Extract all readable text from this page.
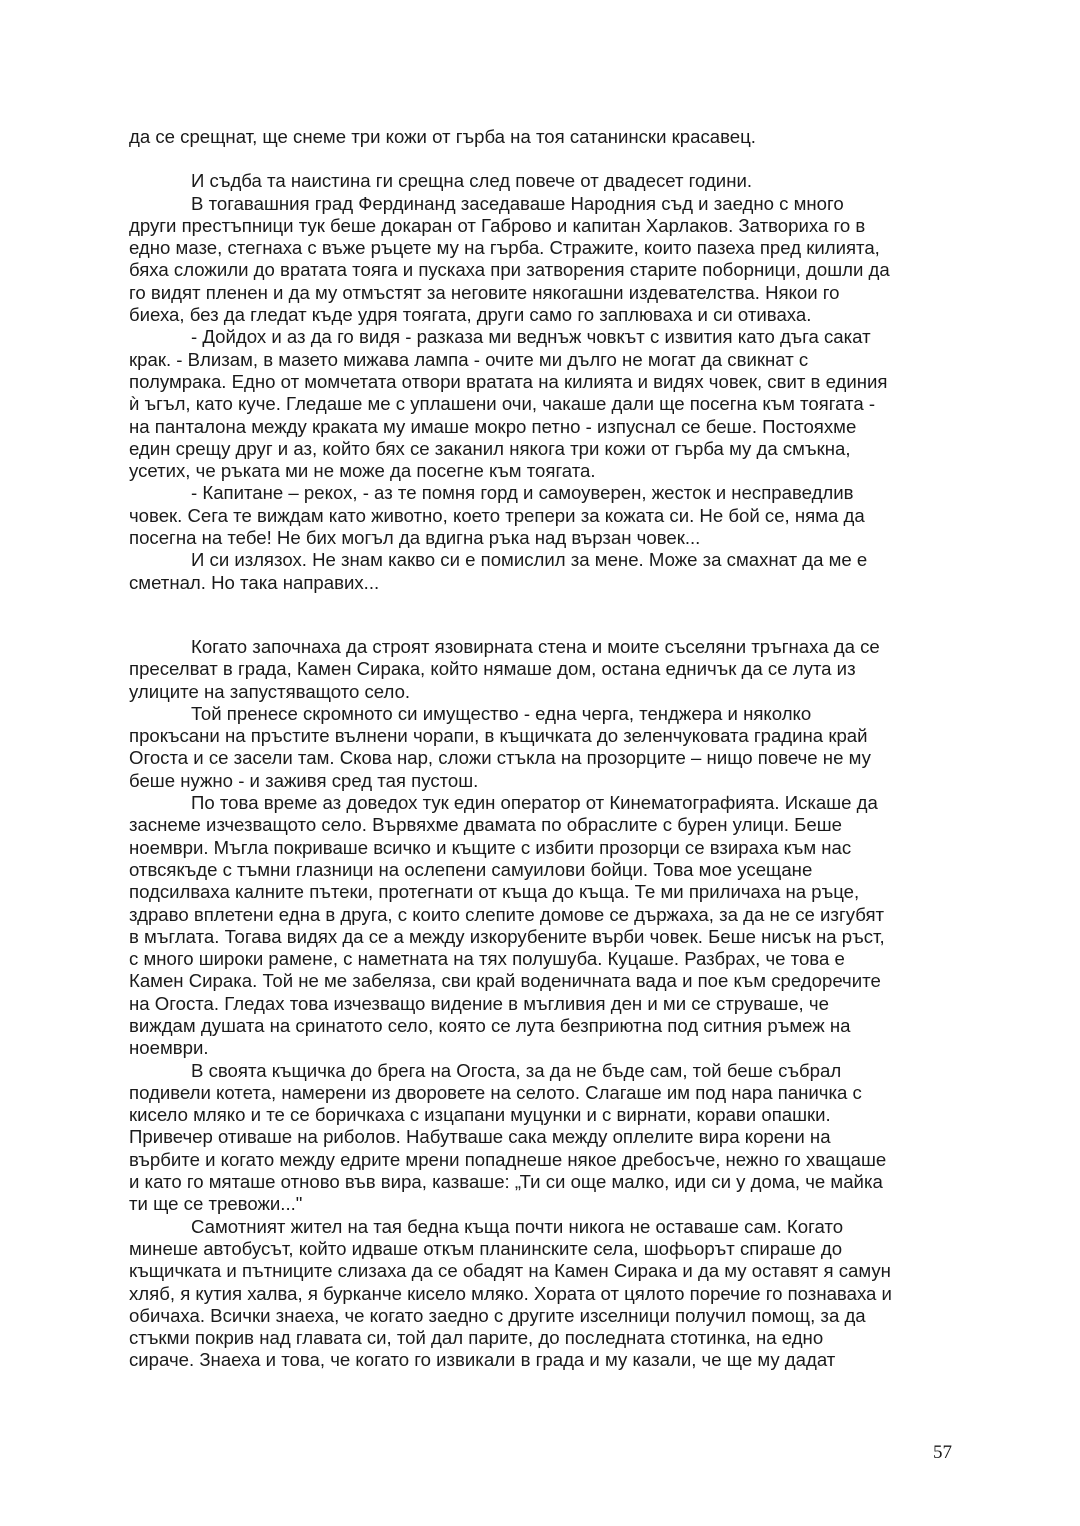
да се срещнат, ще снеме три кожи от гърба на тоя сатанински красавец.
И съдба та наистина ги срещна след повече от двадесет години.
В тогавашния град Фердинанд заседаваше Народния съд и заедно с много
други престъпници тук беше докаран от Габрово и капитан Харлаков. Затвориха го в
едно мазе, стегнаха с въже ръцете му на гърба. Стражите, които пазеха пред килията,
бяха сложили до вратата тояга и пускаха при затворения старите поборници, дошли да
го видят пленен и да му отмъстят за неговите някогашни издевателства. Някои го
биеха, без да гледат къде удря тоягата, други само го заплюваха и си отиваха.
- Дойдох и аз да го видя - разказа ми веднъж човкът с извития като дъга сакат
крак. - Влизам, в мазето мижава лампа - очите ми дълго не могат да свикнат с
полумрака. Едно от момчетата отвори вратата на килията и видях човек, свит в единия
ѝ ъгъл, като куче. Гледаше ме с уплашени очи, чакаше дали ще посегна към тоягата -
на панталона между краката му имаше мокро петно - изпуснал се беше. Постояхме
един срещу друг и аз, който бях се заканил някога три кожи от гърба му да смъкна,
усетих, че ръката ми не може да посегне към тоягата.
- Капитане – рекох, - аз те помня горд и самоуверен, жесток и несправедлив
човек. Сега те виждам като животно, което трепери за кожата си. Не бой се, няма да
посегна на тебе! Не бих могъл да вдигна ръка над вързан човек...
И си излязох. Не знам какво си е помислил за мене. Може за смахнат да ме е
сметнал. Но така направих...
Когато започнаха да строят язовирната стена и моите съселяни тръгнаха да се
преселват в града, Камен Сирака, който нямаше дом, остана едничък да се лута из
улиците на запустяващото село.
Той пренесе скромното си имущество - една черга, тенджера и няколко
прокъсани на пръстите вълнени чорапи, в къщичката до зеленчуковата градина край
Огоста и се засели там. Скова нар, сложи стъкла на прозорците – нищо повече не му
беше нужно - и заживя сред тая пустош.
По това време аз доведох тук един оператор от Кинематографията. Искаше да
заснеме изчезващото село. Вървяхме двамата по обраслите с бурен улици. Беше
ноември. Мъгла покриваше всичко и къщите с избити прозорци се взираха към нас
отвсякъде с тъмни глазници на ослепени самуилови бойци. Това мое усещане
подсилваха калните пътеки, протегнати от къща до къща. Те ми приличаха на ръце,
здраво вплетени една в друга, с които слепите домове се държаха, за да не се изгубят
в мъглата. Тогава видях да се а между изкорубените върби човек. Беше нисък на ръст,
с много широки рамене, с наметната на тях полушуба. Куцаше. Разбрах, че това е
Камен Сирака. Той не ме забеляза, сви край воденичната вада и пое към средоречите
на Огоста. Гледах това изчезващо видение в мъгливия ден и ми се струваше, че
виждам душата на сринатото село, която се лута безприютна под ситния ръмеж на
ноември.
В своята къщичка до брега на Огоста, за да не бъде сам, той беше събрал
подивели котета, намерени из дворовете на селото. Слагаше им под нара паничка с
кисело мляко и те се боричкаха с изцапани муцунки и с вирнати, корави опашки.
Привечер отиваше на риболов. Набутваше сака между оплелите вира корени на
върбите и когато между едрите мрени попаднеше някое дребосъче, нежно го хващаше
и като го мяташе отново във вира, казваше: „Ти си още малко, иди си у дома, че майка
ти ще се тревожи..."
Самотният жител на тая бедна къща почти никога не оставаше сам. Когато
минеше автобусът, който идваше откъм планинските села, шофьорът спираше до
къщичката и пътниците слизаха да се обадят на Камен Сирака и да му оставят я самун
хляб, я кутия халва, я бурканче кисело мляко. Хората от цялото поречие го познаваха и
обичаха. Всички знаеха, че когато заедно с другите изселници получил помощ, за да
стъкми покрив над главата си, той дал парите, до последната стотинка, на едно
сираче. Знаеха и това, че когато го извикали в града и му казали, че ще му дадат
57
